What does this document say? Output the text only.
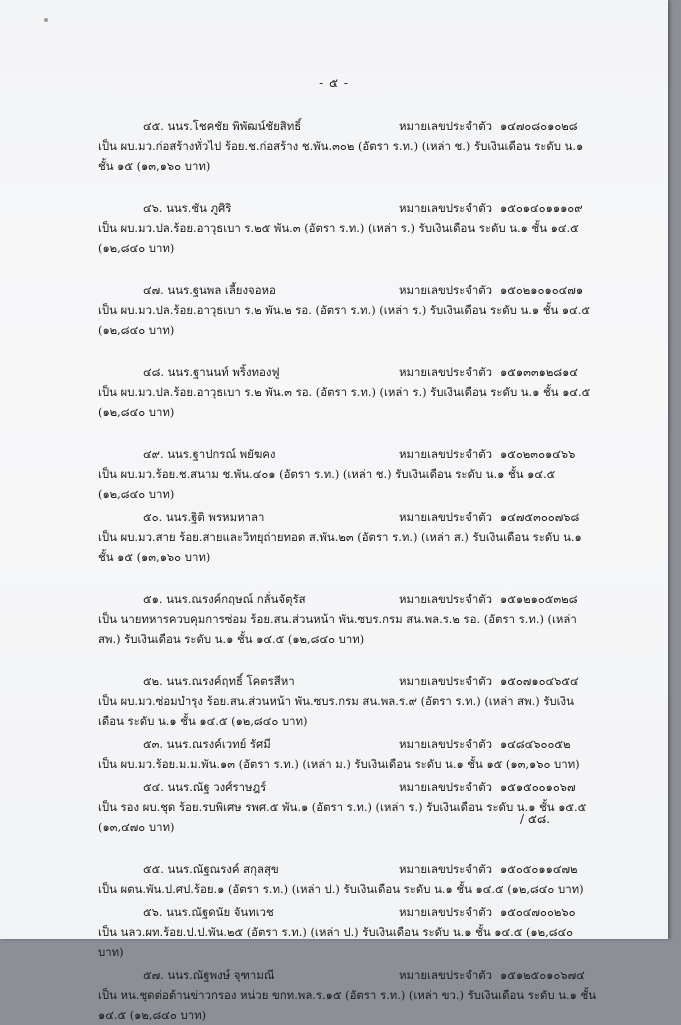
- ๕ -
๔๕. นนร.โชคชัย พิพัฒน์ชัยสิทธิ์	หมายเลขประจำตัว ๑๔๗๐๘๐๑๐๒๘
เป็น ผบ.มว.ก่อสร้างทั่วไป ร้อย.ช.ก่อสร้าง ช.พัน.๓๐๒ (อัตรา ร.ท.) (เหล่า ช.) รับเงินเดือน ระดับ น.๑ ชั้น ๑๕ (๑๓,๑๖๐ บาท)
๔๖. นนร.ชัน ภูศิริ	หมายเลขประจำตัว ๑๕๐๑๔๐๑๑๑๐๙
เป็น ผบ.มว.ปล.ร้อย.อาวุธเบา ร.๒๕ พัน.๓ (อัตรา ร.ท.) (เหล่า ร.) รับเงินเดือน ระดับ น.๑ ชั้น ๑๔.๕ (๑๒,๘๔๐ บาท)
๔๗. นนร.ฐนพล เลี้ยงจอหอ	หมายเลขประจำตัว ๑๕๐๒๑๐๑๐๔๗๑
เป็น ผบ.มว.ปล.ร้อย.อาวุธเบา ร.๒ พัน.๒ รอ. (อัตรา ร.ท.) (เหล่า ร.) รับเงินเดือน ระดับ น.๑ ชั้น ๑๔.๕ (๑๒,๘๔๐ บาท)
๔๘. นนร.ฐานนท์ พริ้งทองฟู	หมายเลขประจำตัว ๑๕๑๓๓๑๒๘๑๔
เป็น ผบ.มว.ปล.ร้อย.อาวุธเบา ร.๒ พัน.๓ รอ. (อัตรา ร.ท.) (เหล่า ร.) รับเงินเดือน ระดับ น.๑ ชั้น ๑๔.๕ (๑๒,๘๔๐ บาท)
๔๙. นนร.ฐาปกรณ์ พยัฆคง	หมายเลขประจำตัว ๑๕๐๒๓๐๑๔๖๖
เป็น ผบ.มว.ร้อย.ช.สนาม ช.พัน.๔๐๑ (อัตรา ร.ท.) (เหล่า ช.) รับเงินเดือน ระดับ น.๑ ชั้น ๑๔.๕ (๑๒,๘๔๐ บาท)
๕๐. นนร.ฐิติ พรหมหาลา	หมายเลขประจำตัว ๑๔๗๕๓๐๐๗๖๘
เป็น ผบ.มว.สาย ร้อย.สายและวิทยุถ่ายทอด ส.พัน.๒๓ (อัตรา ร.ท.) (เหล่า ส.) รับเงินเดือน ระดับ น.๑ ชั้น ๑๕ (๑๓,๑๖๐ บาท)
๕๑. นนร.ณรงค์กฤษณ์ กลั่นจัตุรัส	หมายเลขประจำตัว ๑๕๑๒๑๐๕๓๒๘
เป็น นายทหารควบคุมการซ่อม ร้อย.สน.ส่วนหน้า พัน.ซบร.กรม สน.พล.ร.๒ รอ. (อัตรา ร.ท.) (เหล่า สพ.) รับเงินเดือน ระดับ น.๑ ชั้น ๑๔.๕ (๑๒,๘๔๐ บาท)
๕๒. นนร.ณรงค์ฤทธิ์ โคตรสีหา	หมายเลขประจำตัว ๑๕๐๗๑๐๔๖๕๔
เป็น ผบ.มว.ซ่อมบำรุง ร้อย.สน.ส่วนหน้า พัน.ซบร.กรม สน.พล.ร.๙ (อัตรา ร.ท.) (เหล่า สพ.) รับเงินเดือน ระดับ น.๑ ชั้น ๑๔.๕ (๑๒,๘๔๐ บาท)
๕๓. นนร.ณรงค์เวทย์ รัศมี	หมายเลขประจำตัว ๑๔๘๔๖๐๐๕๒
เป็น ผบ.มว.ร้อย.ม.ม.พัน.๑๓ (อัตรา ร.ท.) (เหล่า ม.) รับเงินเดือน ระดับ น.๑ ชั้น ๑๕ (๑๓,๑๖๐ บาท)
๕๔. นนร.ณัฐ วงศ์ราษฎร์	หมายเลขประจำตัว ๑๕๑๕๐๐๑๐๖๗
เป็น รอง ผบ.ชุด ร้อย.รบพิเศษ รพศ.๕ พัน.๑ (อัตรา ร.ท.) (เหล่า ร.) รับเงินเดือน ระดับ น.๑ ชั้น ๑๕.๕ (๑๓,๔๗๐ บาท)
๕๕. นนร.ณัฐณรงค์ สกุลสุข	หมายเลขประจำตัว ๑๕๐๕๐๑๑๔๗๒
เป็น ผตน.พัน.ป.ศป.ร้อย.๑ (อัตรา ร.ท.) (เหล่า ป.) รับเงินเดือน ระดับ น.๑ ชั้น ๑๔.๕ (๑๒,๘๔๐ บาท)
๕๖. นนร.ณัฐดนัย จันทเวช	หมายเลขประจำตัว ๑๕๐๔๗๐๐๒๖๐
เป็น นลว.ผท.ร้อย.ป.ป.พัน.๒๕ (อัตรา ร.ท.) (เหล่า ป.) รับเงินเดือน ระดับ น.๑ ชั้น ๑๔.๕ (๑๒,๘๔๐ บาท)
๕๗. นนร.ณัฐพงษ์ จุฑามณี	หมายเลขประจำตัว ๑๕๑๒๕๐๑๐๖๗๔
เป็น หน.ชุดต่อต้านข่าวกรอง หน่วย ขกท.พล.ร.๑๕ (อัตรา ร.ท.) (เหล่า ขว.) รับเงินเดือน ระดับ น.๑ ชั้น ๑๔.๕ (๑๒,๘๔๐ บาท)
/ ๕๘.
